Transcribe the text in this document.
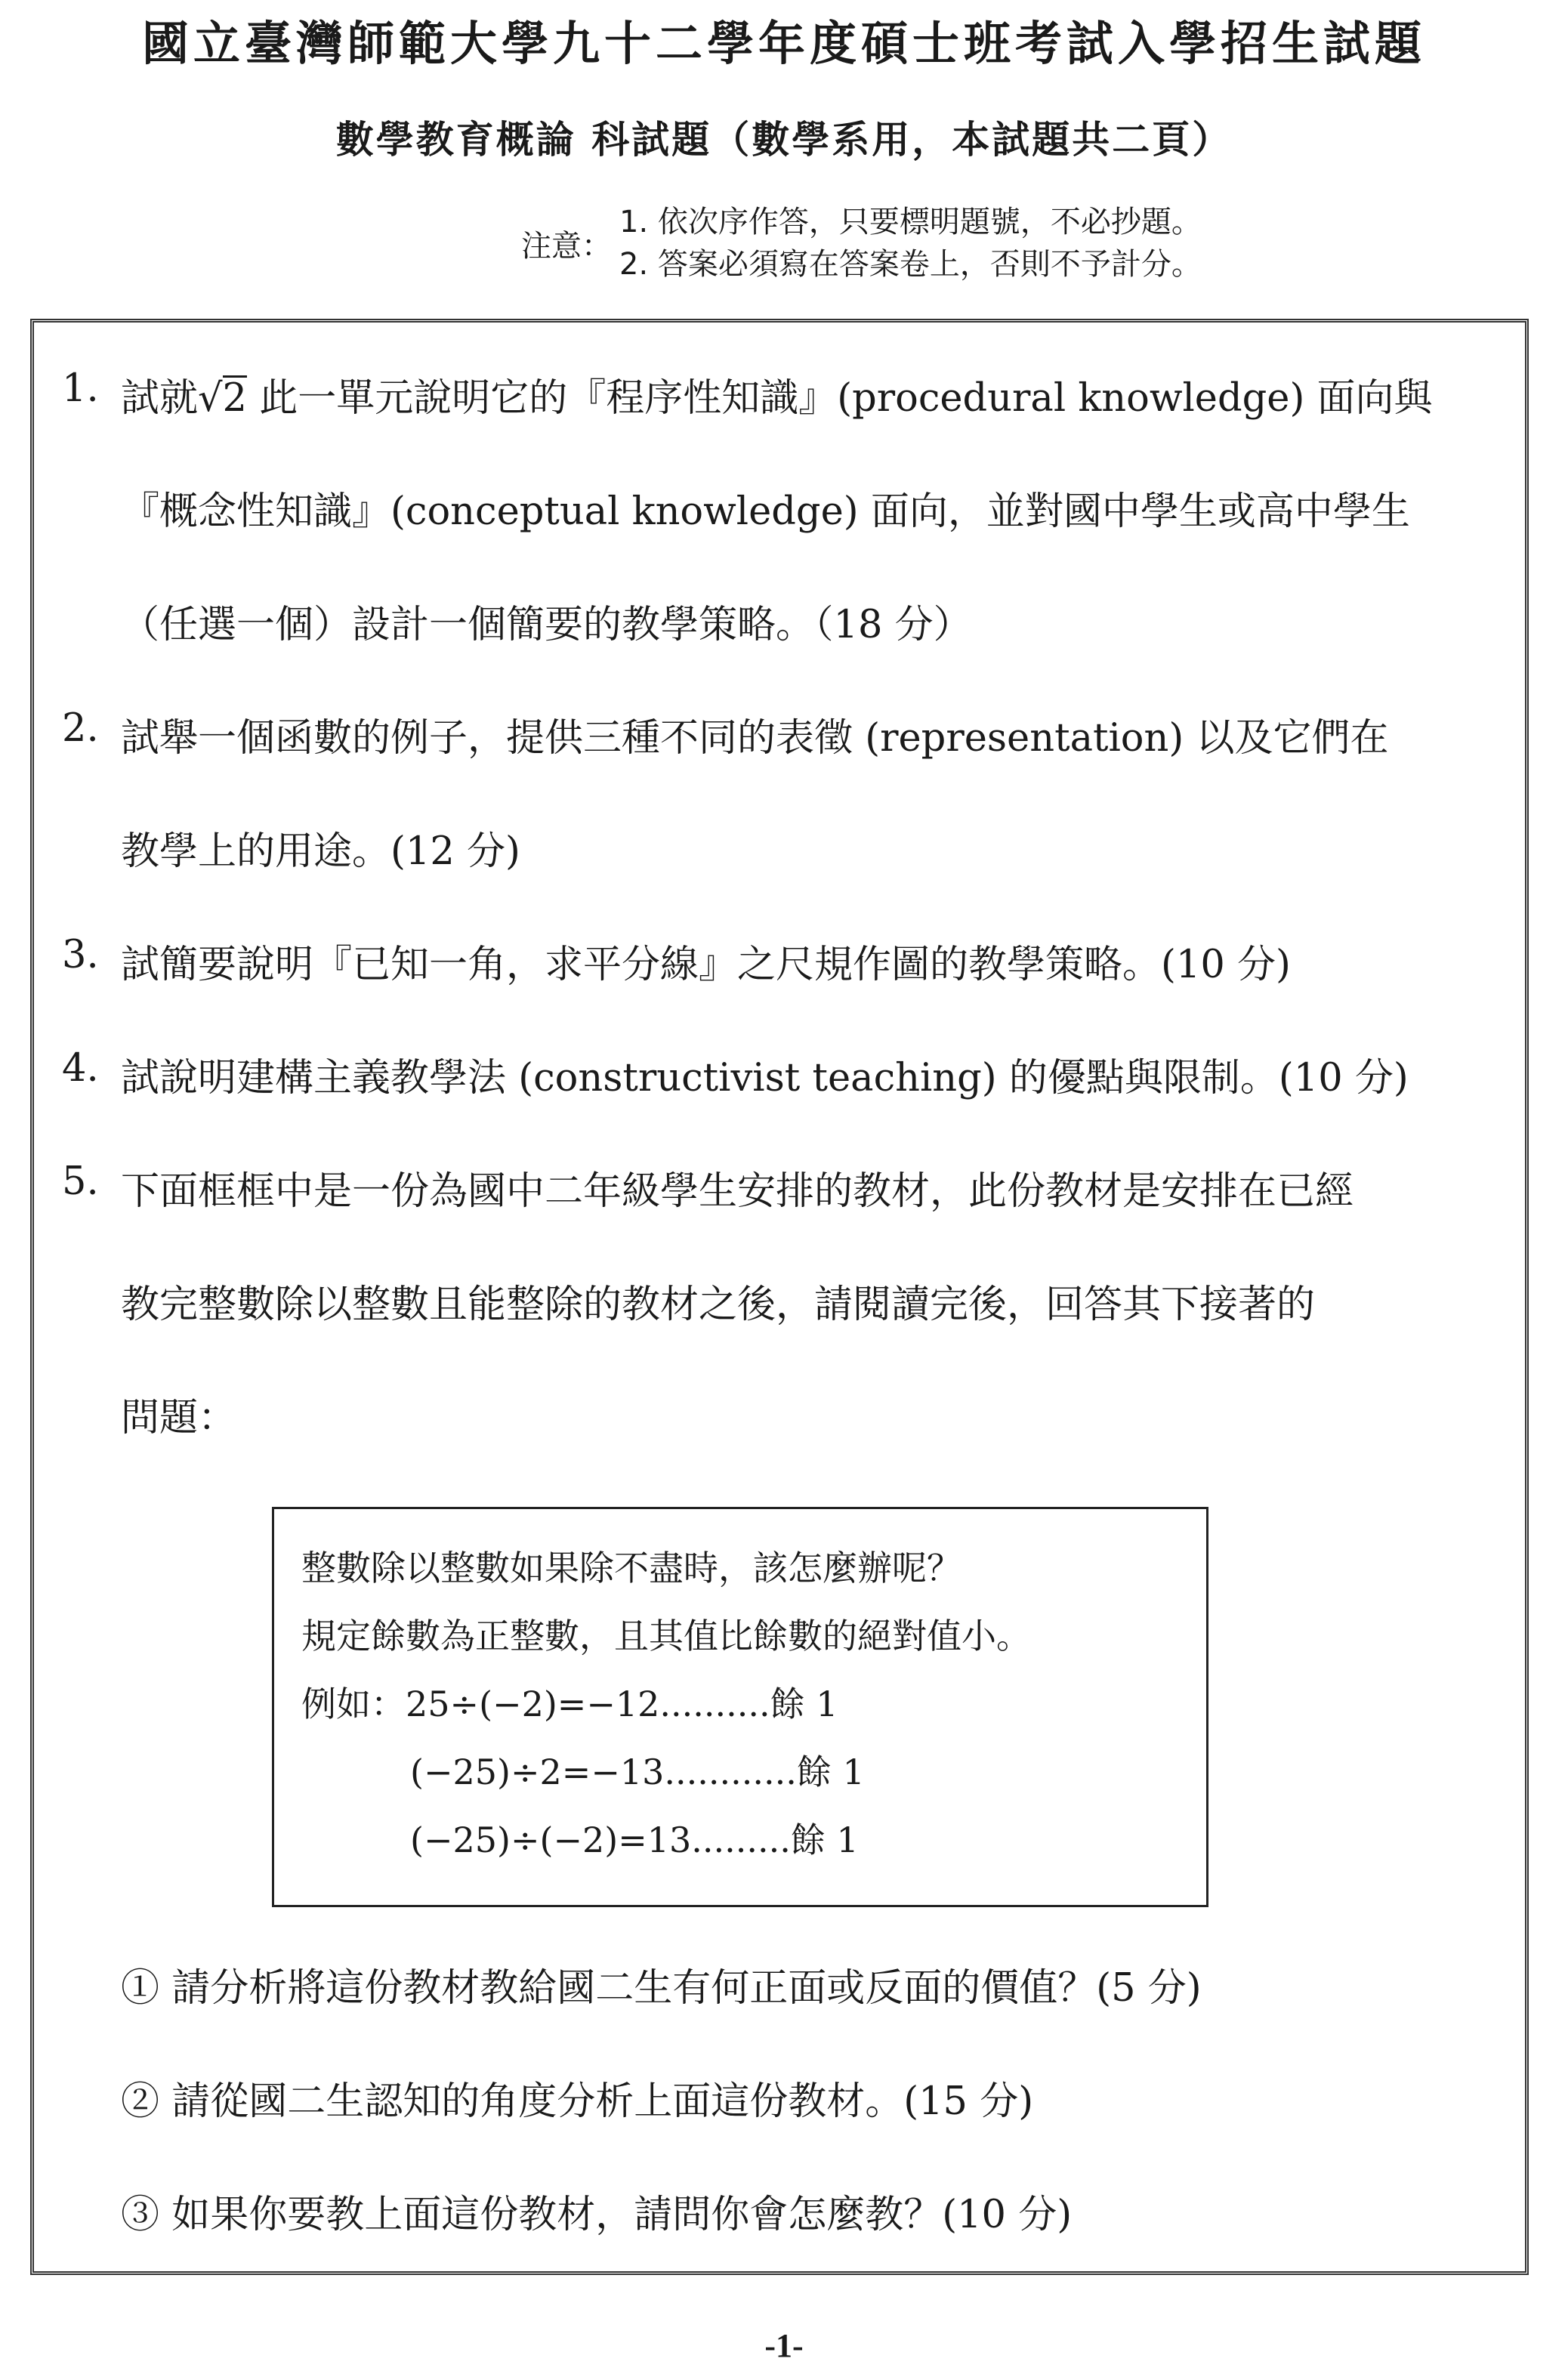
國立臺灣師範大學九十二學年度碩士班考試入學招生試題
數學教育概論 科試題（數學系用，本試題共二頁）
注意：
1. 依次序作答，只要標明題號，不必抄題。
2. 答案必須寫在答案卷上，否則不予計分。
1. 試就√2 此一單元說明它的『程序性知識』(procedural knowledge) 面向與
『概念性知識』(conceptual knowledge) 面向，並對國中學生或高中學生
（任選一個）設計一個簡要的教學策略。（18 分）
2. 試舉一個函數的例子，提供三種不同的表徵 (representation) 以及它們在
教學上的用途。(12 分)
3. 試簡要說明『已知一角，求平分線』之尺規作圖的教學策略。(10 分)
4. 試說明建構主義教學法 (constructivist teaching) 的優點與限制。(10 分)
5. 下面框框中是一份為國中二年級學生安排的教材，此份教材是安排在已經
教完整數除以整數且能整除的教材之後，請閱讀完後，回答其下接著的
問題：
整數除以整數如果除不盡時，該怎麼辦呢？
規定餘數為正整數，且其值比餘數的絕對值小。
例如：25÷(−2)=−12..........餘 1
(−25)÷2=−13............餘 1
(−25)÷(−2)=13.........餘 1
① 請分析將這份教材教給國二生有何正面或反面的價值？(5 分)
② 請從國二生認知的角度分析上面這份教材。(15 分)
③ 如果你要教上面這份教材，請問你會怎麼教？(10 分)
-1-
